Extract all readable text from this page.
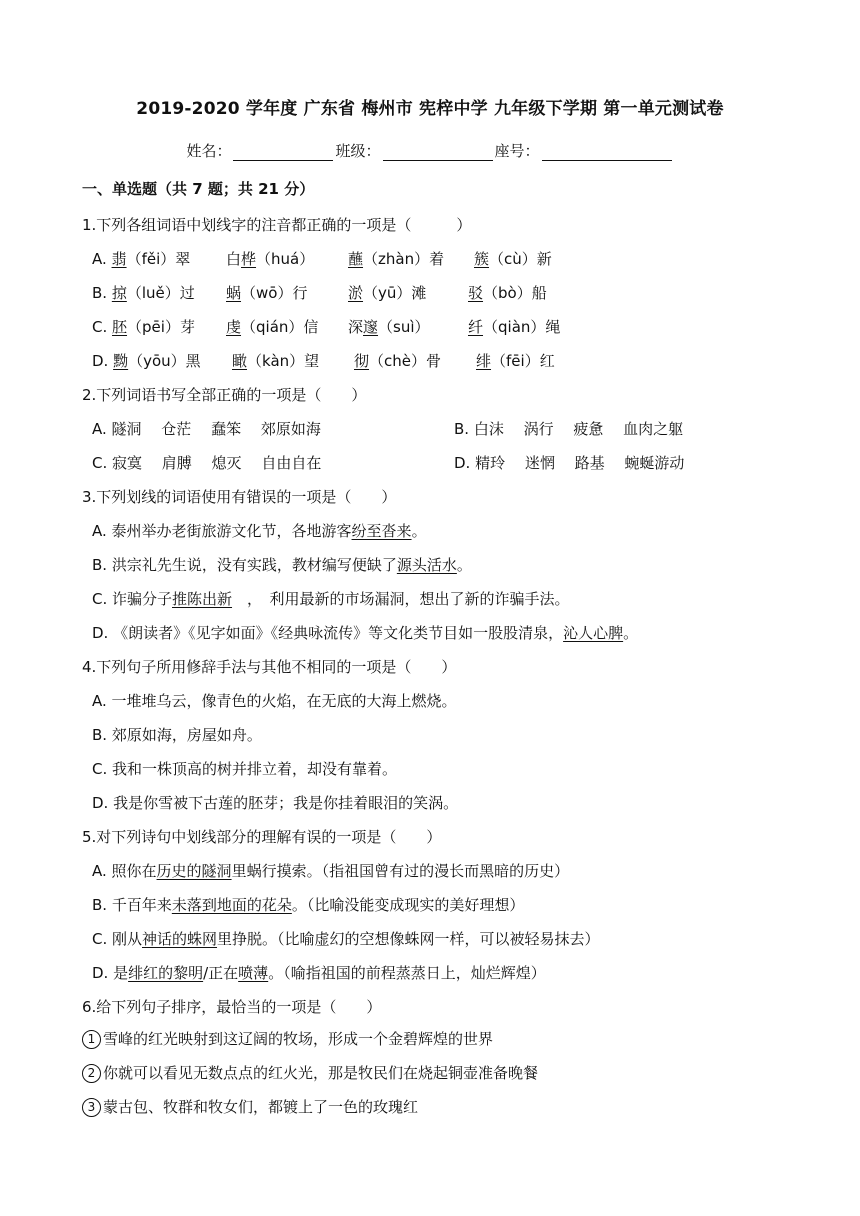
2019-2020 学年度 广东省 梅州市 宪梓中学 九年级下学期 第一单元测试卷
姓名：	班级：	座号：
一、单选题（共 7 题；共 21 分）
1.下列各组词语中划线字的注音都正确的一项是（　　　）
A. 翡（fěi）翠 白桦（huá） 蘸（zhàn）着 簇（cù）新
B. 掠（luě）过 蜗（wō）行	淤（yū）滩	驳（bò）船
C. 胚（pēi）芽 虔（qián）信 深邃（suì）	纤（qiàn）绳
D. 黝（yōu）黑 瞰（kàn）望 彻（chè）骨 绯（fēi）红
2.下列词语书写全部正确的一项是（　　）
A. 隧洞　 仓茫　 蠢笨　 郊原如海	B. 白沫　 涡行　 疲惫　 血肉之躯
C. 寂寞　 肩膊　 熄灭　 自由自在	D. 精玲　 迷惘　 路基　 蜿蜒游动
3.下列划线的词语使用有错误的一项是（　　）
A. 泰州举办老街旅游文化节，各地游客纷至沓来。
B. 洪宗礼先生说，没有实践，教材编写便缺了源头活水。
C. 诈骗分子推陈出新　，　利用最新的市场漏洞，想出了新的诈骗手法。
D. 《朗读者》《见字如面》《经典咏流传》等文化类节目如一股股清泉，沁人心脾。
4.下列句子所用修辞手法与其他不相同的一项是（　　）
A. 一堆堆乌云，像青色的火焰，在无底的大海上燃烧。
B. 郊原如海，房屋如舟。
C. 我和一株顶高的树并排立着，却没有靠着。
D. 我是你雪被下古莲的胚芽；我是你挂着眼泪的笑涡。
5.对下列诗句中划线部分的理解有误的一项是（　　）
A. 照你在历史的隧洞里蜗行摸索。（指祖国曾有过的漫长而黑暗的历史）
B. 千百年来未落到地面的花朵。（比喻没能变成现实的美好理想）
C. 刚从神话的蛛网里挣脱。（比喻虚幻的空想像蛛网一样，可以被轻易抹去）
D. 是绯红的黎明/正在喷薄。（喻指祖国的前程蒸蒸日上，灿烂辉煌）
6.给下列句子排序，最恰当的一项是（　　）
1 雪峰的红光映射到这辽阔的牧场，形成一个金碧辉煌的世界
2 你就可以看见无数点点的红火光，那是牧民们在烧起铜壶准备晚餐
3 蒙古包、牧群和牧女们，都镀上了一色的玫瑰红
